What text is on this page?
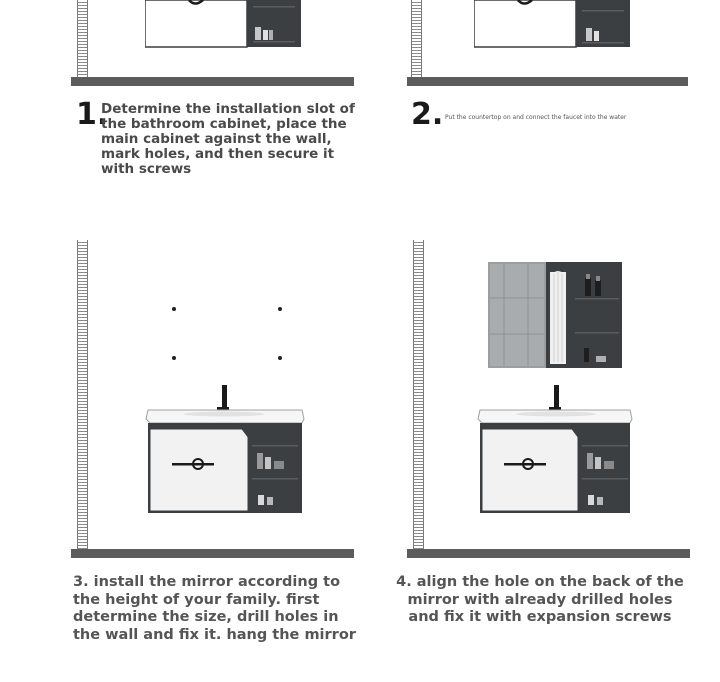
1.
Determine the installation slot of the bathroom cabinet, place the main cabinet against the wall, mark holes, and then secure it with screws
2. Put the countertop on and connect the faucet into the water
3. install the mirror according to the height of your family. first determine the size, drill holes in the wall and fix it. hang the mirror
4. align the hole on the back of the mirror with already drilled holes and fix it with expansion screws
